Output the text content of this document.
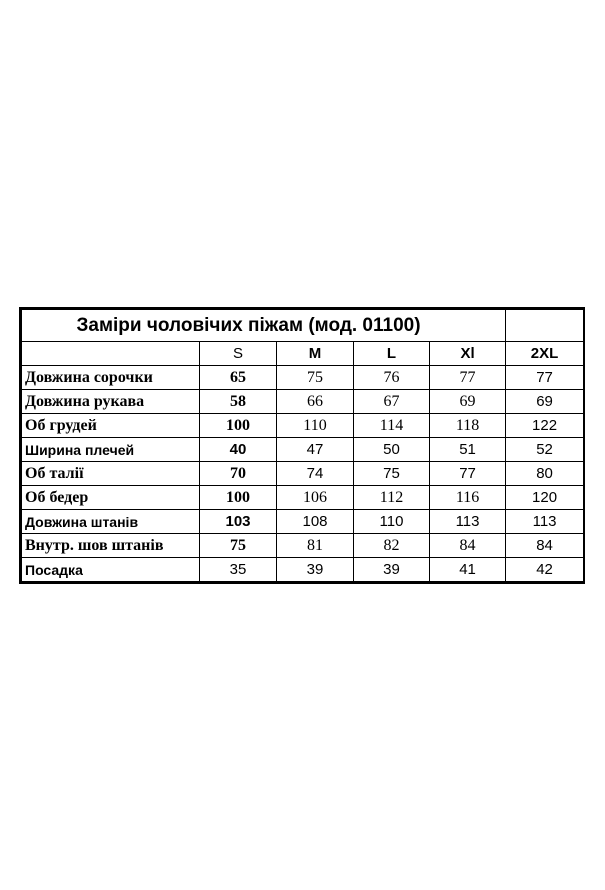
Заміри чоловічих піжам (мод. 01100)					
	S	M	L	Xl	2XL
Довжина сорочки	65	75	76	77	77
Довжина рукава	58	66	67	69	69
Об грудей	100	110	114	118	122
Ширина плечей	40	47	50	51	52
Об талії	70	74	75	77	80
Об бедер	100	106	112	116	120
Довжина штанів	103	108	110	113	113
Внутр. шов штанів	75	81	82	84	84
Посадка	35	39	39	41	42
